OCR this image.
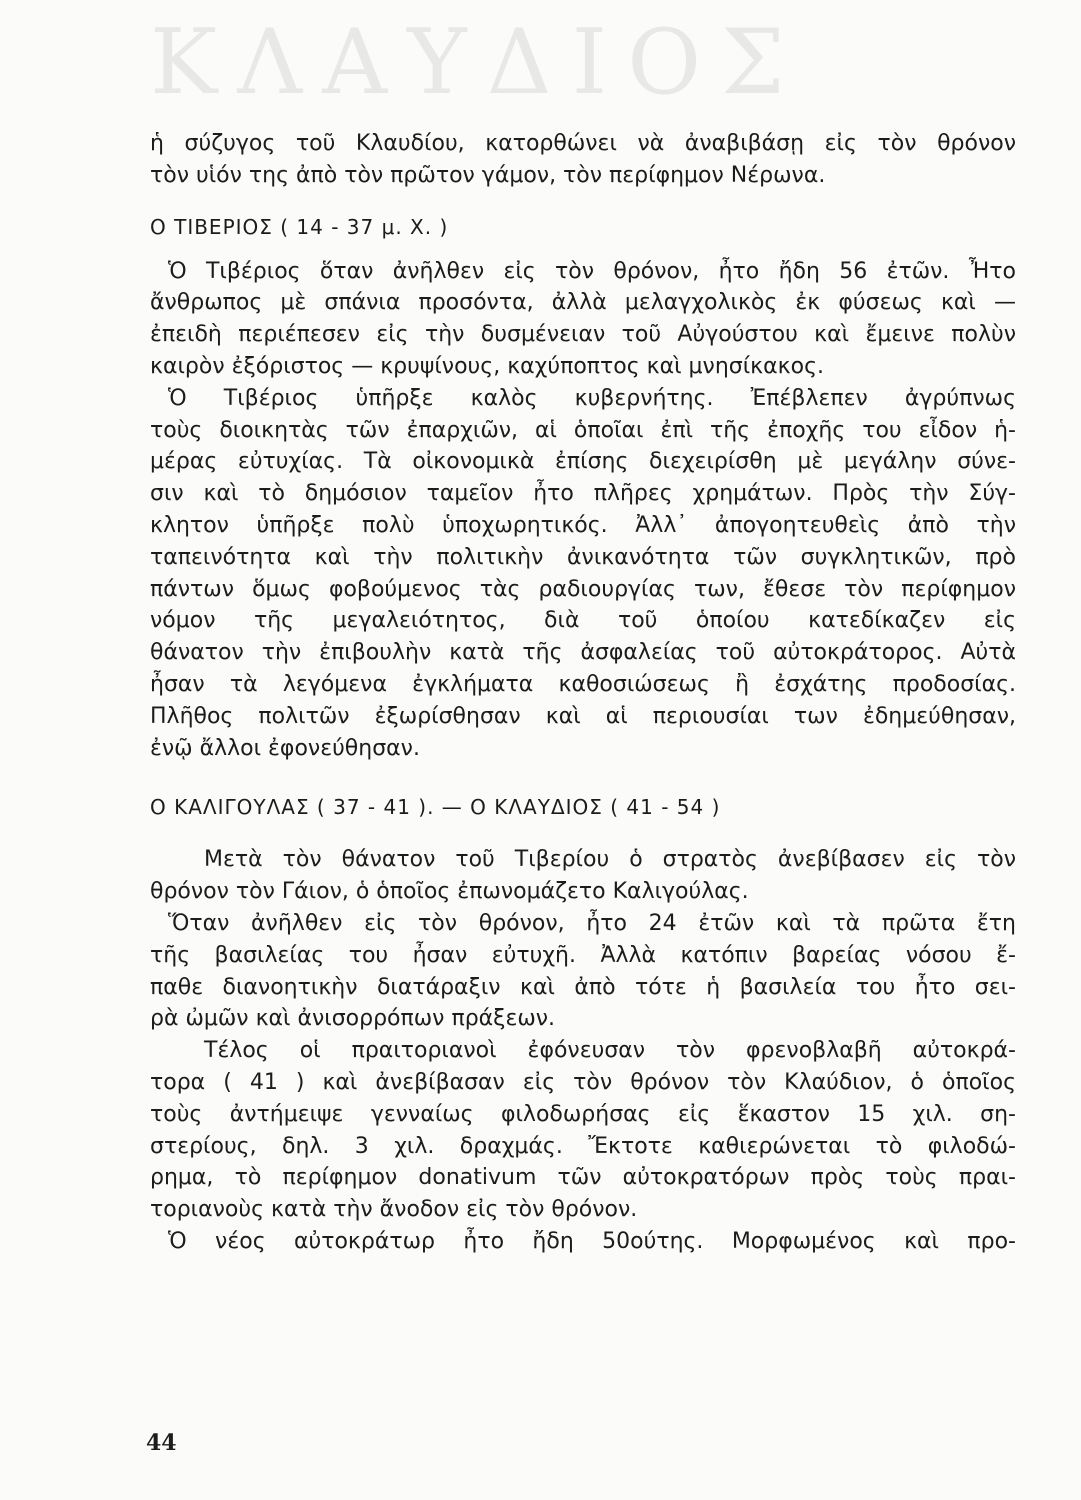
ΚΛΑΥΔΙΟΣ
ἡ σύζυγος τοῦ Κλαυδίου, κατορθώνει νὰ ἀναβιβάσῃ εἰς τὸν θρόνον
τὸν υἱόν της ἀπὸ τὸν πρῶτον γάμον, τὸν περίφημον Νέρωνα.
Ο ΤΙΒΕΡΙΟΣ ( 14 - 37 μ. Χ. )
Ὁ Τιβέριος ὅταν ἀνῆλθεν εἰς τὸν θρόνον, ἦτο ἤδη 56 ἐτῶν. Ἦτο
ἄνθρωπος μὲ σπάνια προσόντα, ἀλλὰ μελαγχολικὸς ἐκ φύσεως καὶ —
ἐπειδὴ περιέπεσεν εἰς τὴν δυσμένειαν τοῦ Αὐγούστου καὶ ἔμεινε πολὺν
καιρὸν ἐξόριστος — κρυψίνους, καχύποπτος καὶ μνησίκακος.
Ὁ Τιβέριος ὑπῆρξε καλὸς κυβερνήτης. Ἐπέβλεπεν ἀγρύπνως
τοὺς διοικητὰς τῶν ἐπαρχιῶν, αἱ ὁποῖαι ἐπὶ τῆς ἐποχῆς του εἶδον ἡ-
μέρας εὐτυχίας. Τὰ οἰκονομικὰ ἐπίσης διεχειρίσθη μὲ μεγάλην σύνε-
σιν καὶ τὸ δημόσιον ταμεῖον ἦτο πλῆρες χρημάτων. Πρὸς τὴν Σύγ-
κλητον ὑπῆρξε πολὺ ὑποχωρητικός. Ἀλλ᾽ ἀπογοητευθεὶς ἀπὸ τὴν
ταπεινότητα καὶ τὴν πολιτικὴν ἀνικανότητα τῶν συγκλητικῶν, πρὸ
πάντων ὅμως φοβούμενος τὰς ραδιουργίας των, ἔθεσε τὸν περίφημον
νόμον τῆς μεγαλειότητος, διὰ τοῦ ὁποίου κατεδίκαζεν εἰς
θάνατον τὴν ἐπιβουλὴν κατὰ τῆς ἀσφαλείας τοῦ αὐτοκράτορος. Αὐτὰ
ἦσαν τὰ λεγόμενα ἐγκλήματα καθοσιώσεως ἢ ἐσχάτης προδοσίας.
Πλῆθος πολιτῶν ἐξωρίσθησαν καὶ αἱ περιουσίαι των ἐδημεύθησαν,
ἐνῷ ἄλλοι ἐφονεύθησαν.
Ο ΚΑΛΙΓΟΥΛΑΣ ( 37 - 41 ). — Ο ΚΛΑΥΔΙΟΣ ( 41 - 54 )
Μετὰ τὸν θάνατον τοῦ Τιβερίου ὁ στρατὸς ἀνεβίβασεν εἰς τὸν
θρόνον τὸν Γάιον, ὁ ὁποῖος ἐπωνομάζετο Καλιγούλας.
Ὅταν ἀνῆλθεν εἰς τὸν θρόνον, ἦτο 24 ἐτῶν καὶ τὰ πρῶτα ἔτη
τῆς βασιλείας του ἦσαν εὐτυχῆ. Ἀλλὰ κατόπιν βαρείας νόσου ἔ-
παθε διανοητικὴν διατάραξιν καὶ ἀπὸ τότε ἡ βασιλεία του ἦτο σει-
ρὰ ὠμῶν καὶ ἀνισορρόπων πράξεων.
Τέλος οἱ πραιτοριανοὶ ἐφόνευσαν τὸν φρενοβλαβῆ αὐτοκρά-
τορα ( 41 ) καὶ ἀνεβίβασαν εἰς τὸν θρόνον τὸν Κλαύδιον, ὁ ὁποῖος
τοὺς ἀντήμειψε γενναίως φιλοδωρήσας εἰς ἕκαστον 15 χιλ. ση-
στερίους, δηλ. 3 χιλ. δραχμάς. Ἔκτοτε καθιερώνεται τὸ φιλοδώ-
ρημα, τὸ περίφημον donativum τῶν αὐτοκρατόρων πρὸς τοὺς πραι-
τοριανοὺς κατὰ τὴν ἄνοδον εἰς τὸν θρόνον.
Ὁ νέος αὐτοκράτωρ ἦτο ἤδη 50ούτης. Μορφωμένος καὶ προ-
44
